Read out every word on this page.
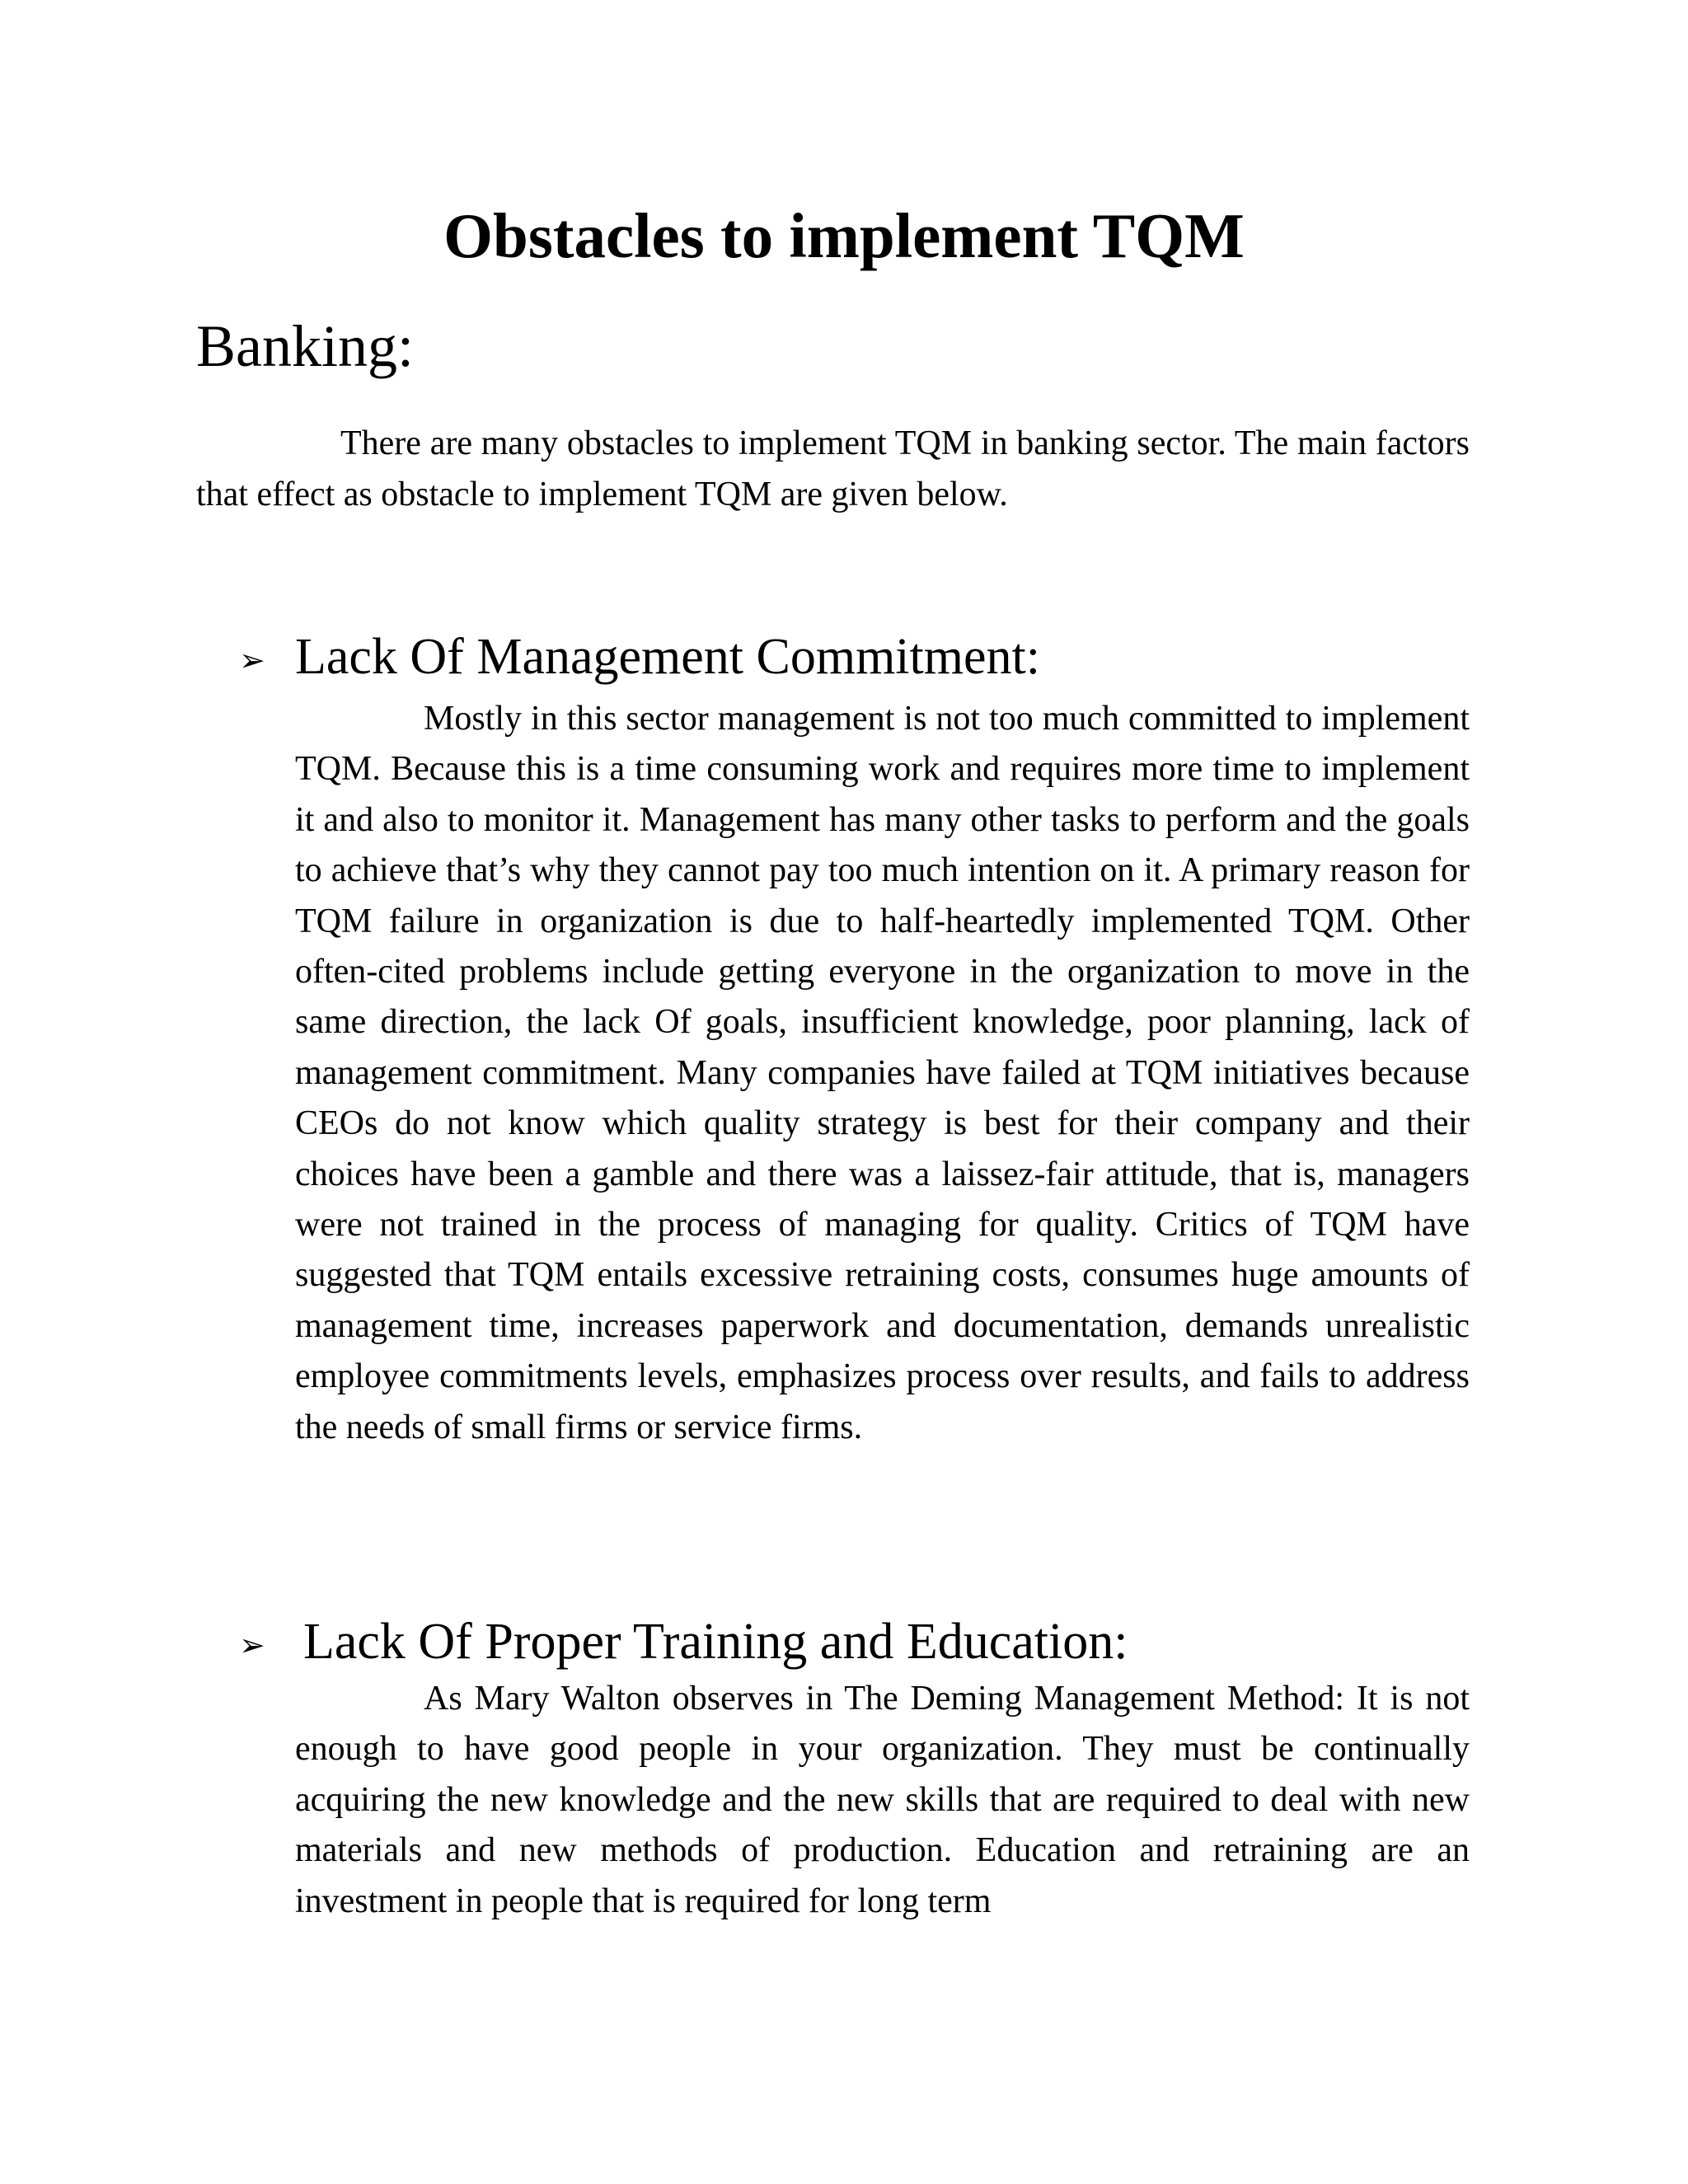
Obstacles to implement TQM
Banking:

There are many obstacles to implement TQM in banking sector. The main factors that effect as obstacle to implement TQM are given below.

➢ Lack Of Management Commitment:

Mostly in this sector management is not too much committed to implement TQM. Because this is a time consuming work and requires more time to implement it and also to monitor it. Management has many other tasks to perform and the goals to achieve that’s why they cannot pay too much intention on it. A primary reason for TQM failure in organization is due to half-heartedly implemented TQM. Other often-cited problems include getting everyone in the organization to move in the same direction, the lack Of goals, insufficient knowledge, poor planning, lack of management commitment. Many companies have failed at TQM initiatives because CEOs do not know which quality strategy is best for their company and their choices have been a gamble and there was a laissez-fair attitude, that is, managers were not trained in the process of managing for quality. Critics of TQM have suggested that TQM entails excessive retraining costs, consumes huge amounts of management time, increases paperwork and documentation, demands unrealistic employee commitments levels, emphasizes process over results, and fails to address the needs of small firms or service firms.

➢ Lack Of Proper Training and Education:

As Mary Walton observes in The Deming Management Method: It is not enough to have good people in your organization. They must be continually acquiring the new knowledge and the new skills that are required to deal with new materials and new methods of production. Education and retraining are an investment in people that is required for long term
